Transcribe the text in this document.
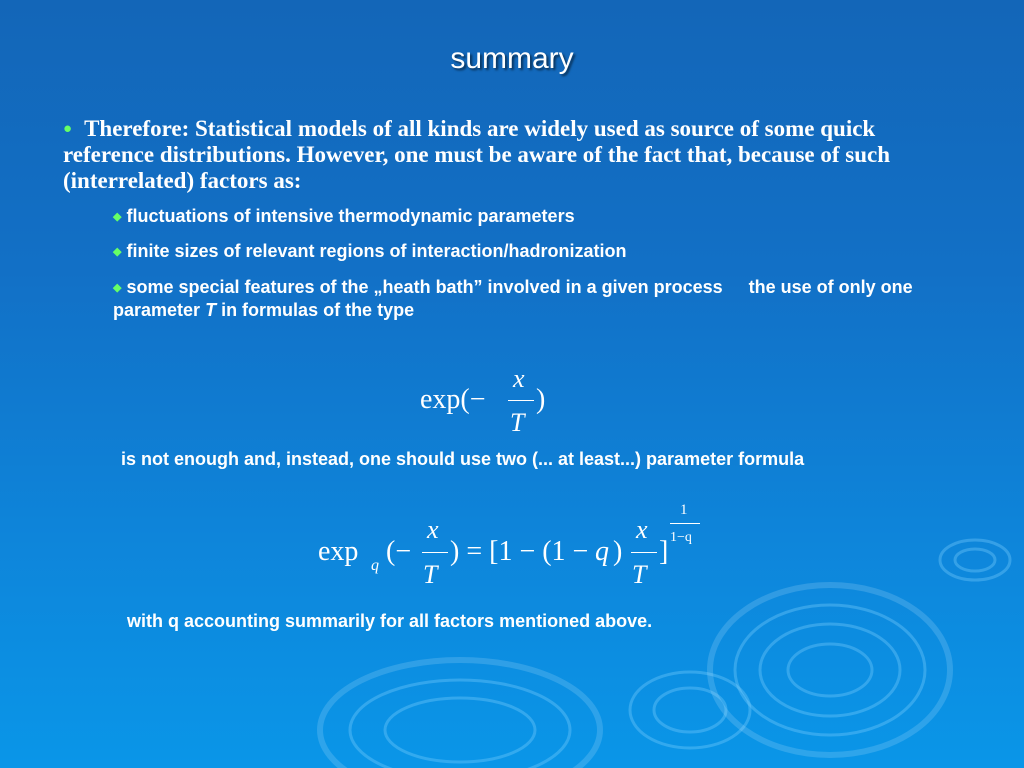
summary
● Therefore: Statistical models of all kinds are widely used as source of some quick reference distributions. However, one must be aware of the fact that, because of such (interrelated) factors as:
◆ fluctuations of intensive thermodynamic parameters
◆ finite sizes of relevant regions of interaction/hadronization
◆ some special features of the „heath bath” involved in a given process the use of only one parameter T in formulas of the type
exp(−
x
T
)
is not enough and, instead, one should use two (... at least...) parameter formula
exp q (−
x
T
) = [1 − (1 − q )
x
T
]
1
1−q
with q accounting summarily for all factors mentioned above.
